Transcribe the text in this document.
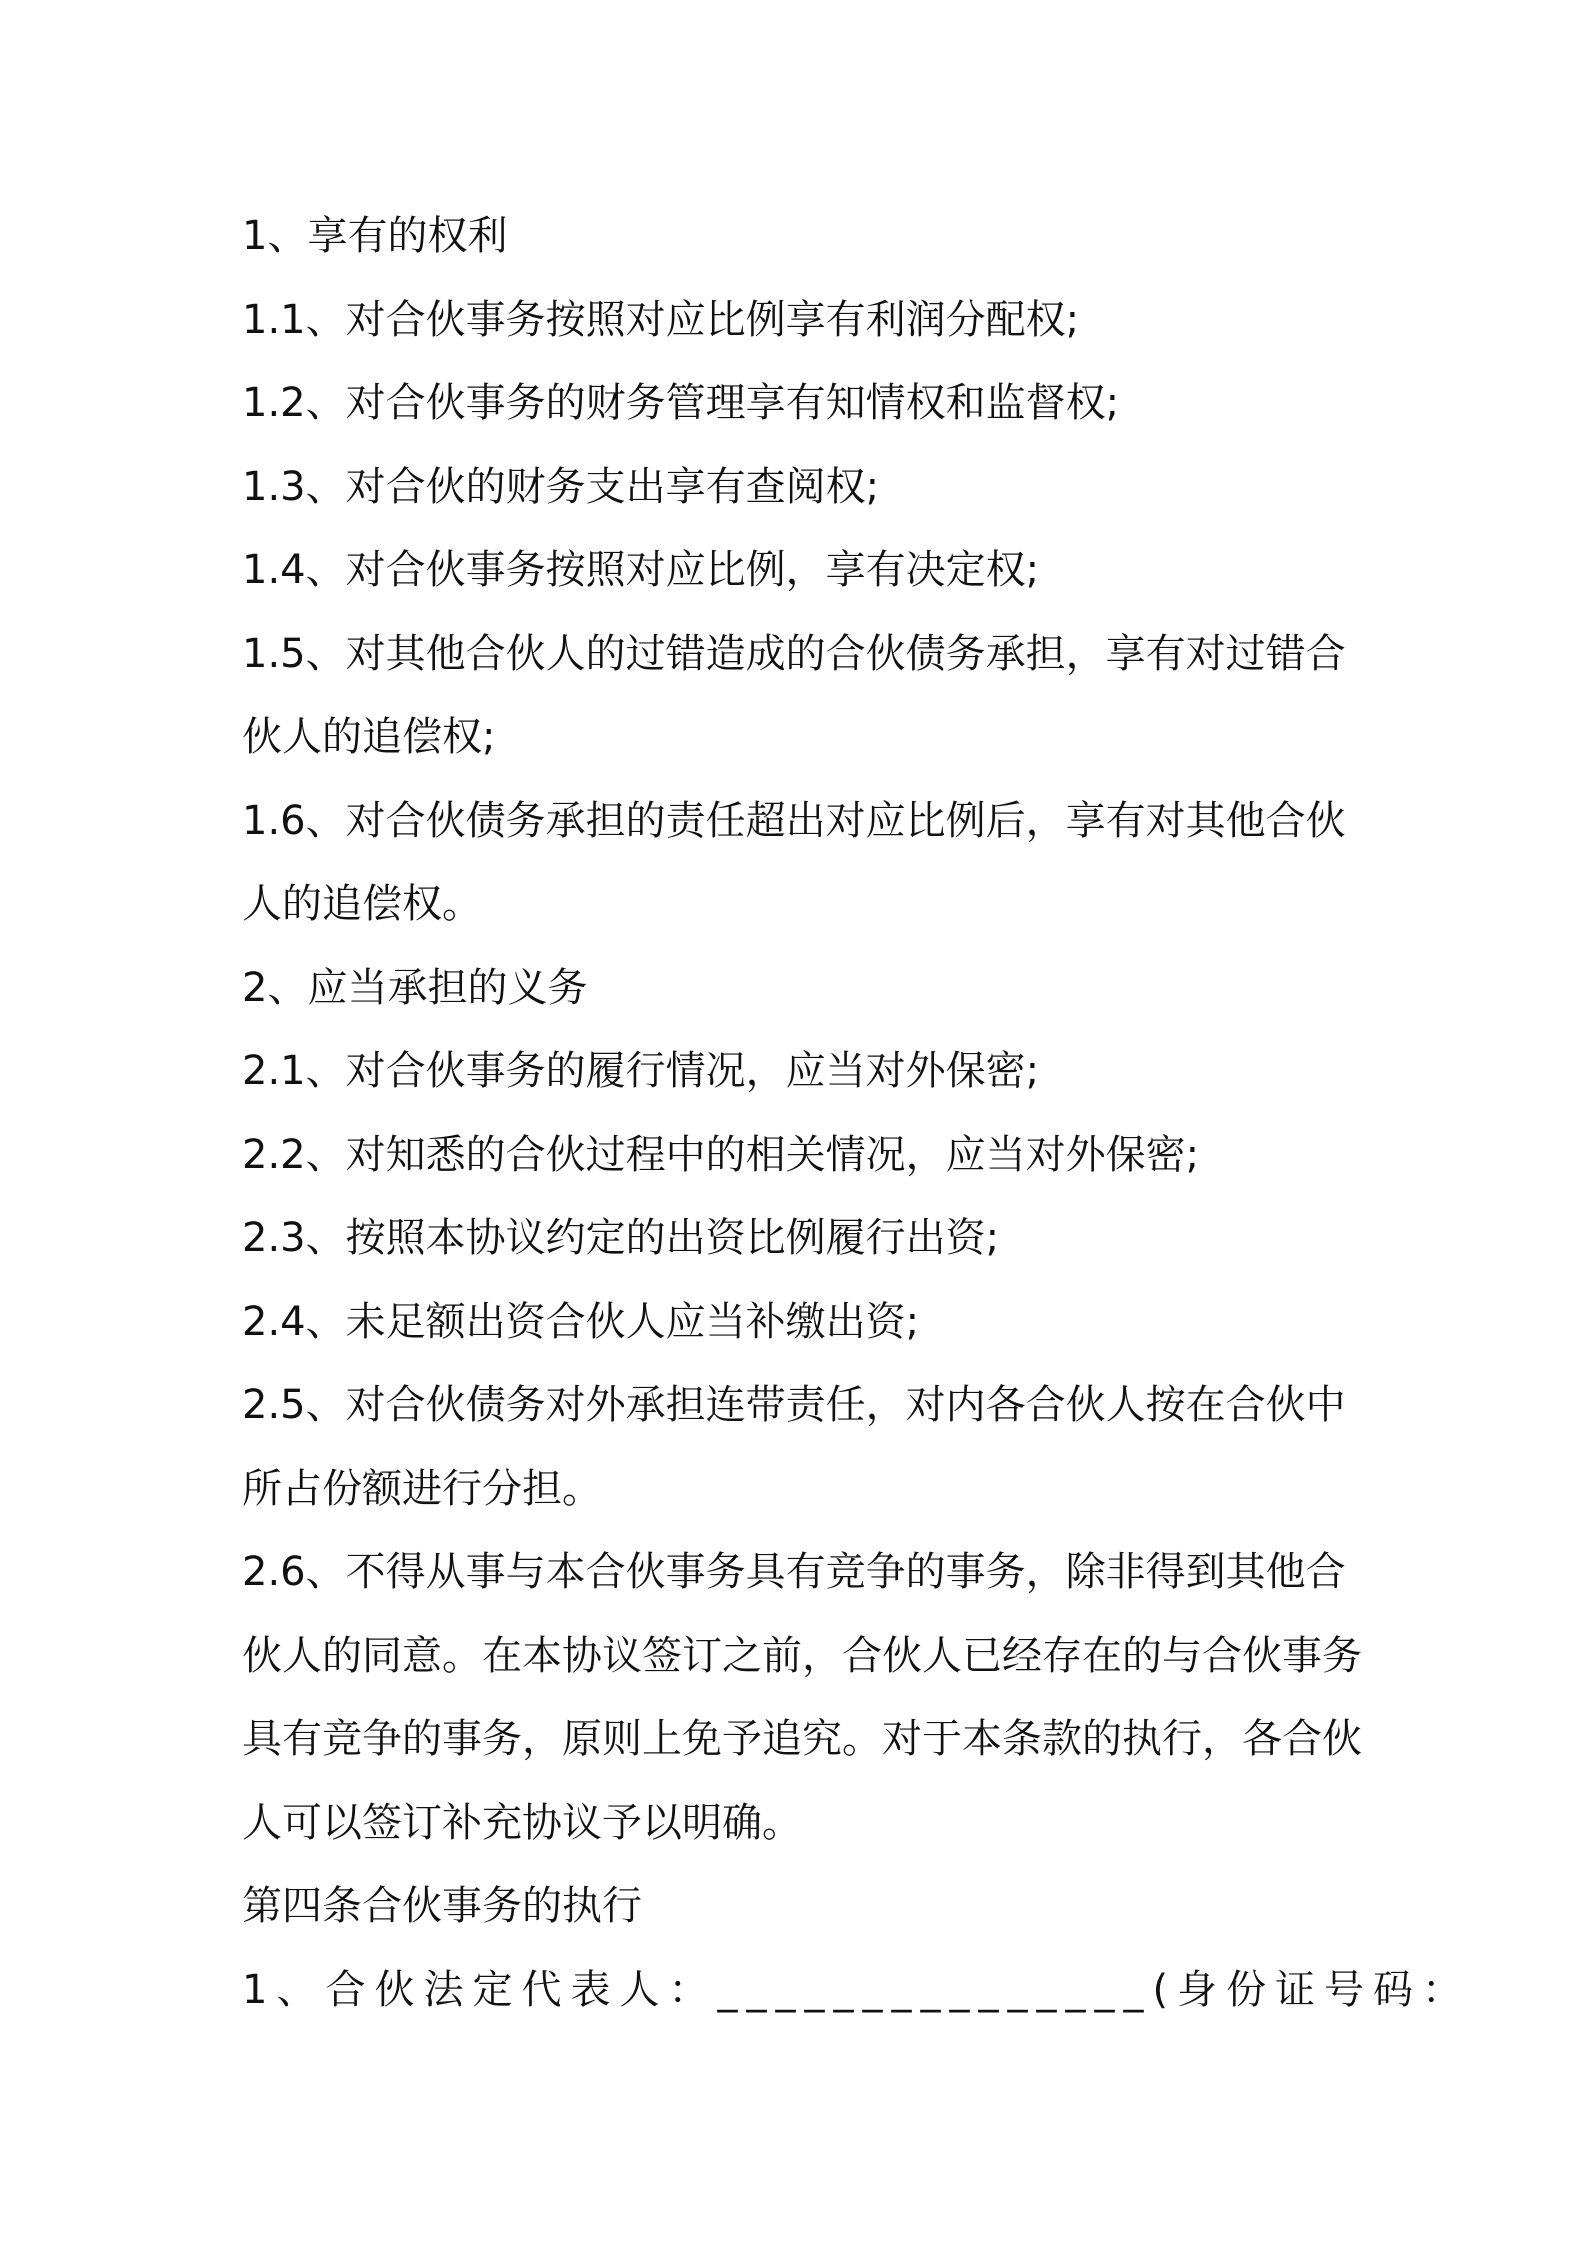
1、享有的权利
1.1、对合伙事务按照对应比例享有利润分配权;
1.2、对合伙事务的财务管理享有知情权和监督权;
1.3、对合伙的财务支出享有查阅权;
1.4、对合伙事务按照对应比例，享有决定权;
1.5、对其他合伙人的过错造成的合伙债务承担，享有对过错合
伙人的追偿权;
1.6、对合伙债务承担的责任超出对应比例后，享有对其他合伙
人的追偿权。
2、应当承担的义务
2.1、对合伙事务的履行情况，应当对外保密;
2.2、对知悉的合伙过程中的相关情况，应当对外保密;
2.3、按照本协议约定的出资比例履行出资;
2.4、未足额出资合伙人应当补缴出资;
2.5、对合伙债务对外承担连带责任，对内各合伙人按在合伙中
所占份额进行分担。
2.6、不得从事与本合伙事务具有竞争的事务，除非得到其他合
伙人的同意。在本协议签订之前，合伙人已经存在的与合伙事务
具有竞争的事务，原则上免予追究。对于本条款的执行，各合伙
人可以签订补充协议予以明确。
第四条合伙事务的执行
1、合伙法定代表人：_______________(身份证号码：
